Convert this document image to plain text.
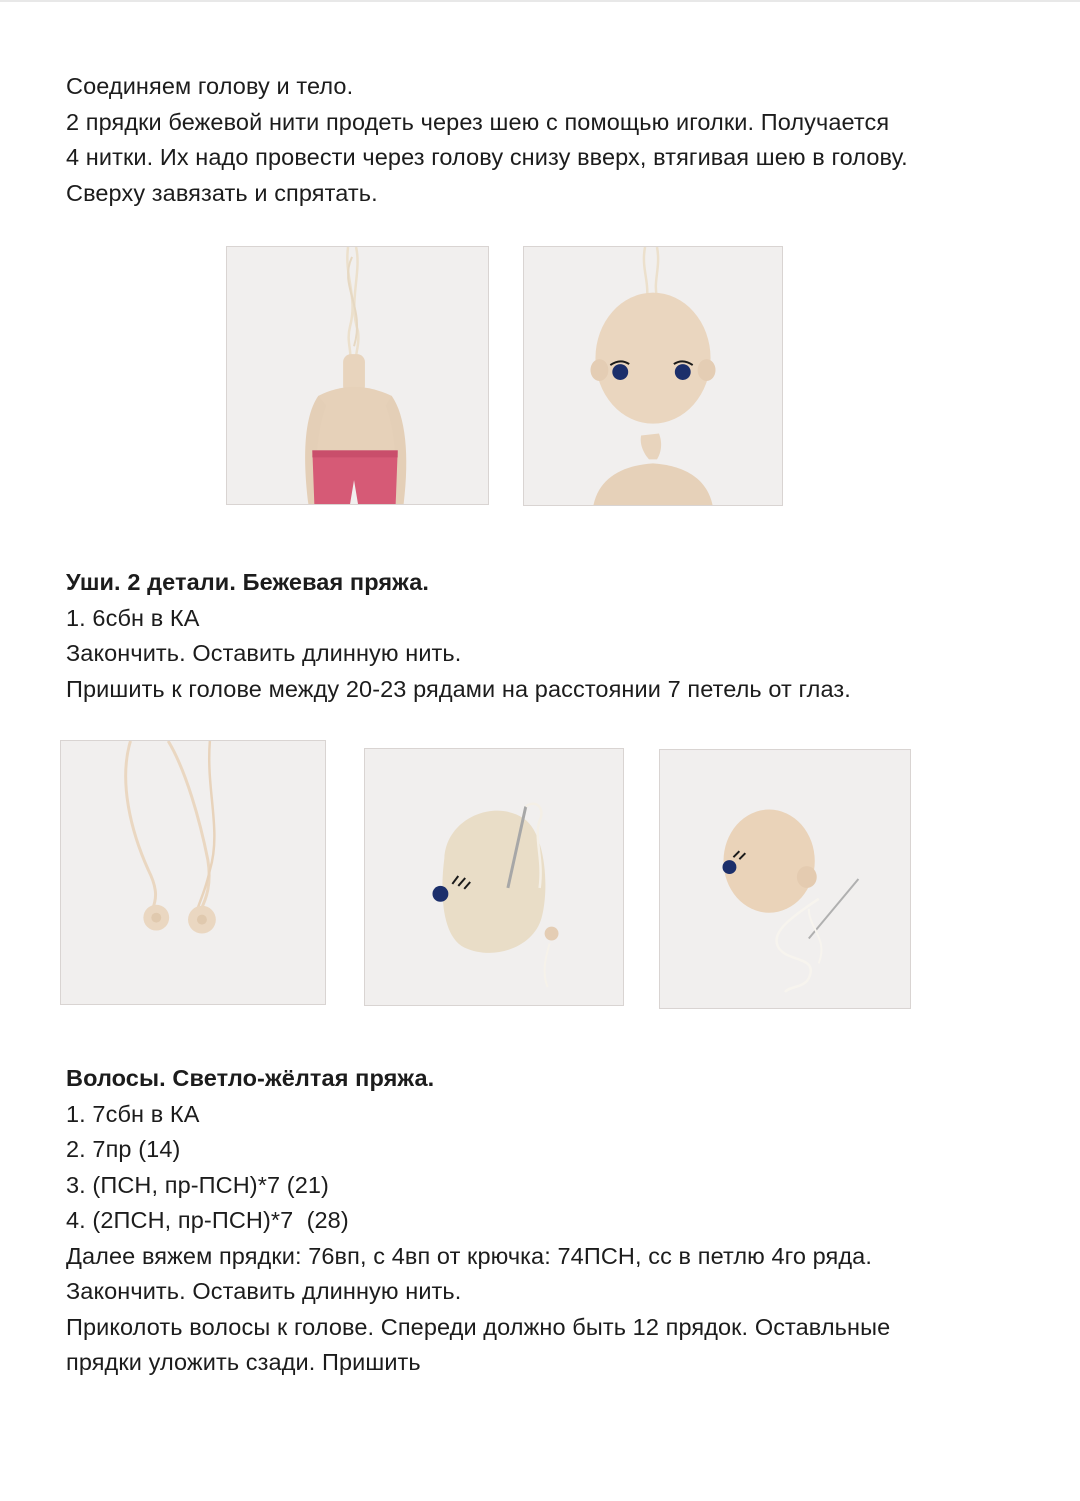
Соединяем голову и тело.

2 прядки бежевой нити продеть через шею с помощью иголки. Получается

4 нитки. Их надо провести через голову снизу вверх, втягивая шею в голову.

Сверху завязать и спрятать.

Уши. 2 детали. Бежевая пряжа.

1. 6сбн в КА

Закончить. Оставить длинную нить.

Пришить к голове между 20-23 рядами на расстоянии 7 петель от глаз.

Волосы. Светло-жёлтая пряжа.

1. 7сбн в КА

2. 7пр (14)

3. (ПСН, пр-ПСН)*7 (21)

4. (2ПСН, пр-ПСН)*7  (28)

Далее вяжем прядки: 76вп, с 4вп от крючка: 74ПСН, сс в петлю 4го ряда.

Закончить. Оставить длинную нить.

Приколоть волосы к голове. Спереди должно быть 12 прядок. Оставльные

прядки уложить сзади. Пришить
